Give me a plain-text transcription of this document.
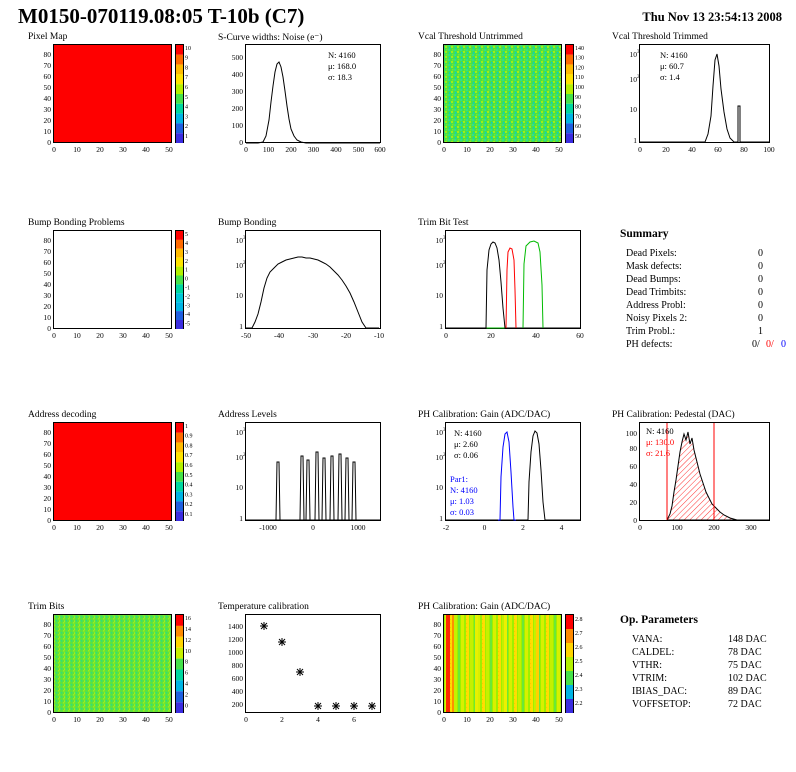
M0150-070119.08:05 T-10b (C7)	Thu Nov 13 23:54:13 2008
Pixel Map
0
10
20
30
40
50
60
70
80
0 10 20 30 40 50
10
9
8
7
6
5
4
3
2
1
S-Curve widths: Noise (e⁻)
0
100
200
300
400
500
0 100 200 300 400 500 600
N: 4160
μ: 168.0
σ: 18.3
Vcal Threshold Untrimmed
0
10
20
30
40
50
60
70
80
0 10 20 30 40 50
140
130
120
110
100
90
80
70
60
50
Vcal Threshold Trimmed
1
10
10
10
2
3
0	20 40 60 80 100
N: 4160
μ: 60.7
σ: 1.4
Bump Bonding Problems
0
10
20
30
40
50
60
70
80
0 10 20 30 40 50
5
4
3
2
1
0
-1
-2
-3
-4
-5
Bump Bonding
1
10
10
10
2
3
-50	-40	-30	-20	-10
Trim Bit Test
1
10
10
10
2
3
0	20	40	60
Summary
Dead Pixels:	0
Mask defects:	0
Dead Bumps:	0
Dead Trimbits:	0
Address Probl:	0
Noisy Pixels 2:	0
Trim Probl.:	1
PH defects:	0/ 0/ 0
Address decoding
0
10
20
30
40
50
60
70
80
0 10 20 30 40 50
1
0.9
0.8
0.7
0.6
0.5
0.4
0.3
0.2
0.1
Address Levels
1
10
10
10
2
3
-1000	0	1000
PH Calibration: Gain (ADC/DAC)
1
10
10
10
2
3
-2	0	2	4
N: 4160
μ: 2.60
σ: 0.06
Par1:
N: 4160
μ: 1.03
σ: 0.03
PH Calibration: Pedestal (DAC)
0
20
40
60
80
100
0	100	200	300
N: 4160
μ: 130.0
σ: 21.6
Trim Bits
0
10
20
30
40
50
60
70
80
0 10 20 30 40 50
16
14
12
10
8
6
4
2
0
Temperature calibration
200
400
600
800
1000
1200
1400
0	2	4	6
PH Calibration: Gain (ADC/DAC)
0
10
20
30
40
50
60
70
80
0 10 20 30 40 50
2.8
2.7
2.6
2.5
2.4
2.3
2.2
Op. Parameters
VANA:	148 DAC
CALDEL:	78 DAC
VTHR:	75 DAC
VTRIM:	102 DAC
IBIAS_DAC:	89 DAC
VOFFSETOP:	72 DAC
